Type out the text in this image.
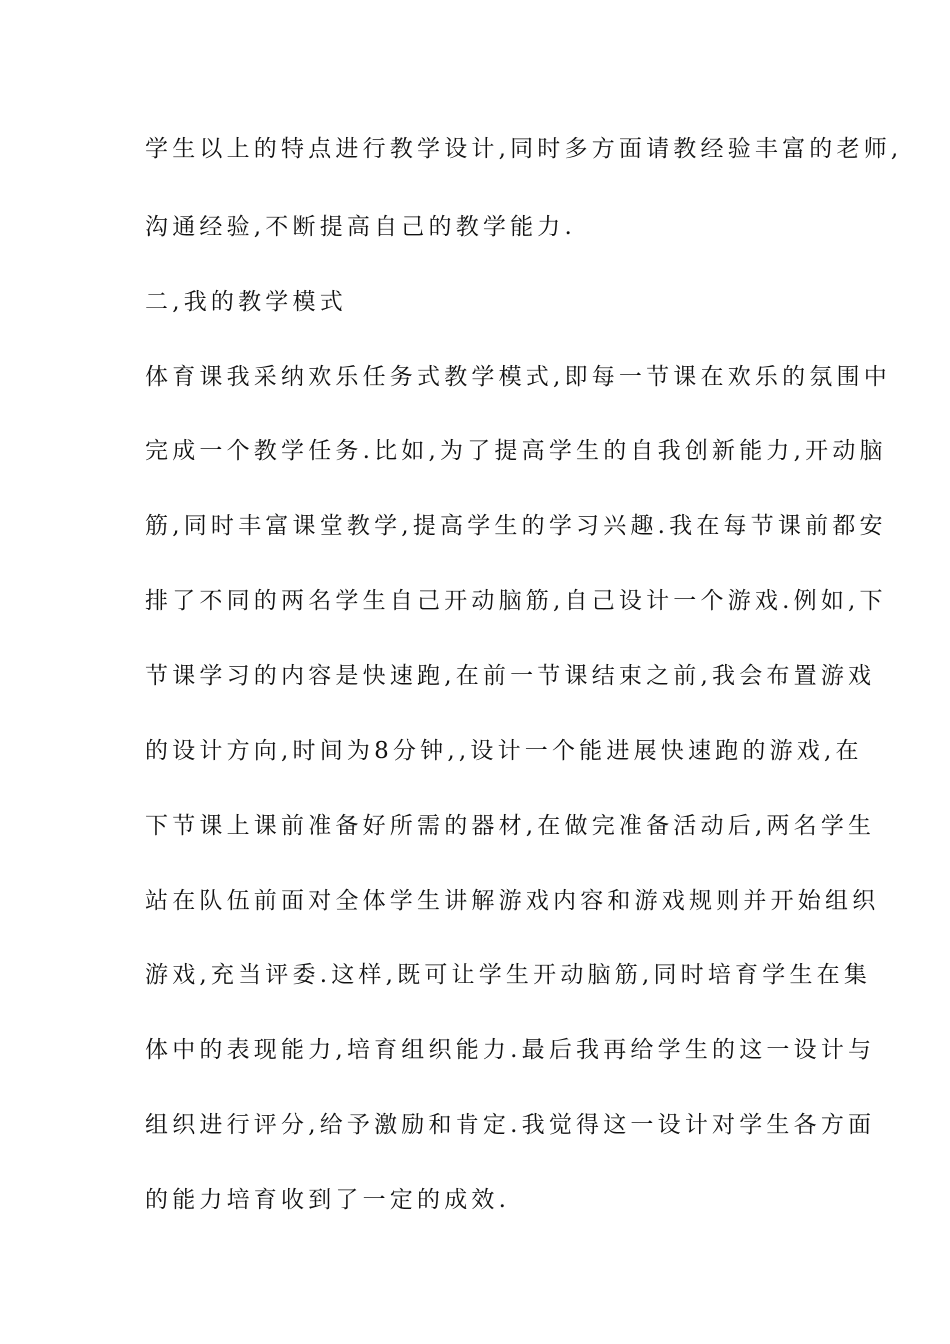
学生以上的特点进行教学设计,同时多方面请教经验丰富的老师,
沟通经验,不断提高自己的教学能力.
二,我的教学模式
体育课我采纳欢乐任务式教学模式,即每一节课在欢乐的氛围中
完成一个教学任务.比如,为了提高学生的自我创新能力,开动脑
筋,同时丰富课堂教学,提高学生的学习兴趣.我在每节课前都安
排了不同的两名学生自己开动脑筋,自己设计一个游戏.例如,下
节课学习的内容是快速跑,在前一节课结束之前,我会布置游戏
的设计方向,时间为8分钟,,设计一个能进展快速跑的游戏,在
下节课上课前准备好所需的器材,在做完准备活动后,两名学生
站在队伍前面对全体学生讲解游戏内容和游戏规则并开始组织
游戏,充当评委.这样,既可让学生开动脑筋,同时培育学生在集
体中的表现能力,培育组织能力.最后我再给学生的这一设计与
组织进行评分,给予激励和肯定.我觉得这一设计对学生各方面
的能力培育收到了一定的成效.
